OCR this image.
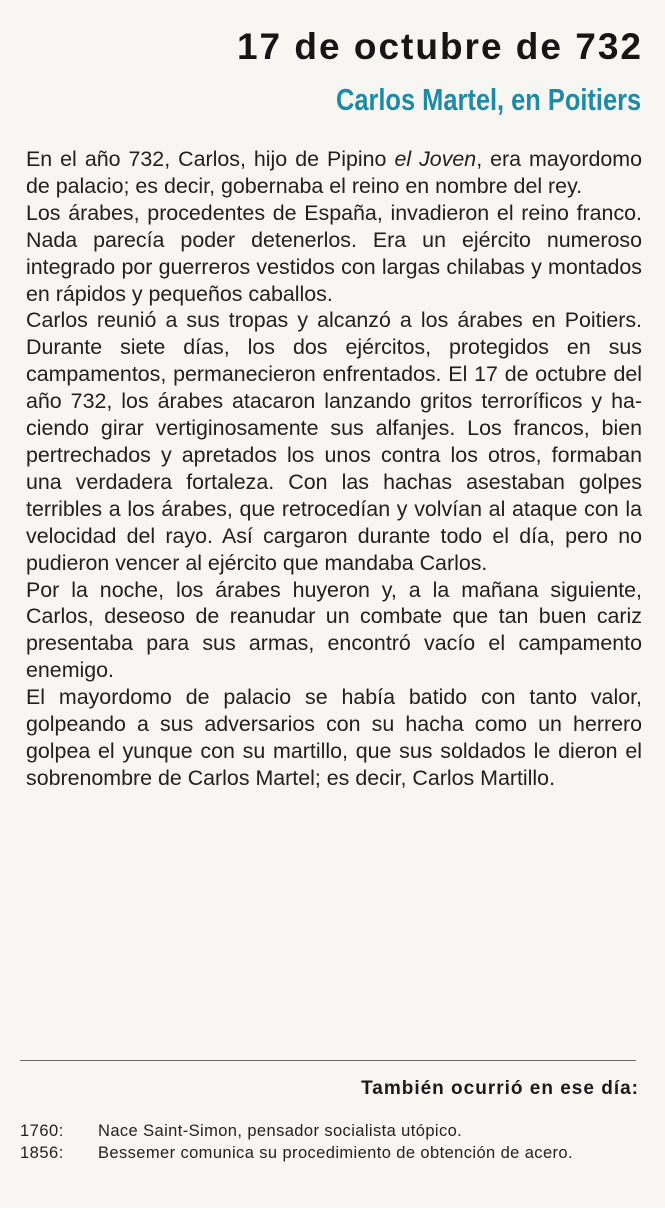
17 de octubre de 732
Carlos Martel, en Poitiers

En el año 732, Carlos, hijo de Pipino el Joven, era mayordomo de palacio; es decir, gobernaba el reino en nombre del rey.

Los árabes, procedentes de España, invadieron el reino franco. Nada parecía poder detenerlos. Era un ejército numeroso integrado por guerreros vestidos con largas chilabas y montados en rápidos y pequeños caballos.

Carlos reunió a sus tropas y alcanzó a los árabes en Poitiers. Durante siete días, los dos ejércitos, protegidos en sus campamentos, permanecieron enfrentados. El 17 de octubre del año 732, los árabes atacaron lanzando gritos terroríficos y haciendo girar vertiginosamente sus alfanjes. Los francos, bien pertrechados y apretados los unos contra los otros, formaban una verdadera fortaleza. Con las hachas asestaban golpes terribles a los árabes, que retrocedían y volvían al ataque con la velocidad del rayo. Así cargaron durante todo el día, pero no pudieron vencer al ejército que mandaba Carlos.

Por la noche, los árabes huyeron y, a la mañana siguiente, Carlos, deseoso de reanudar un combate que tan buen cariz presentaba para sus armas, encontró vacío el campamento enemigo.

El mayordomo de palacio se había batido con tanto valor, golpeando a sus adversarios con su hacha como un herrero golpea el yunque con su martillo, que sus soldados le dieron el sobrenombre de Carlos Martel; es decir, Carlos Martillo.

También ocurrió en ese día:
1760:	Nace Saint-Simon, pensador socialista utópico.
1856:	Bessemer comunica su procedimiento de obtención de acero.
